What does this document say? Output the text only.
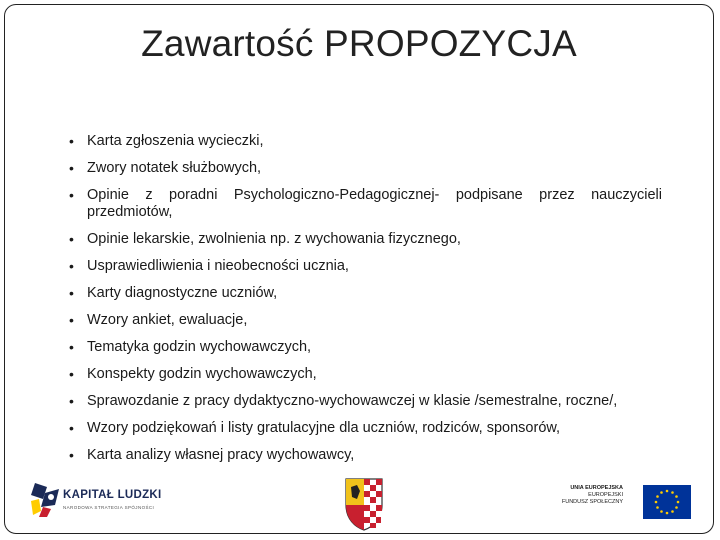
Zawartość PROPOZYCJA
• Karta zgłoszenia wycieczki,
• Zwory notatek służbowych,
• Opinie z poradni Psychologiczno-Pedagogicznej- podpisane przez nauczycieli przedmiotów,
• Opinie lekarskie, zwolnienia np. z wychowania fizycznego,
• Usprawiedliwienia i nieobecności ucznia,
• Karty diagnostyczne uczniów,
• Wzory ankiet, ewaluacje,
• Tematyka godzin wychowawczych,
• Konspekty godzin wychowawczych,
• Sprawozdanie z pracy dydaktyczno-wychowawczej w klasie /semestralne, roczne/,
• Wzory podziękowań i listy gratulacyjne dla uczniów, rodziców, sponsorów,
• Karta analizy własnej pracy wychowawcy,
KAPITAŁ LUDZKI
NARODOWA STRATEGIA SPÓJNOŚCI
UNIA EUROPEJSKA
EUROPEJSKI
FUNDUSZ SPOŁECZNY
